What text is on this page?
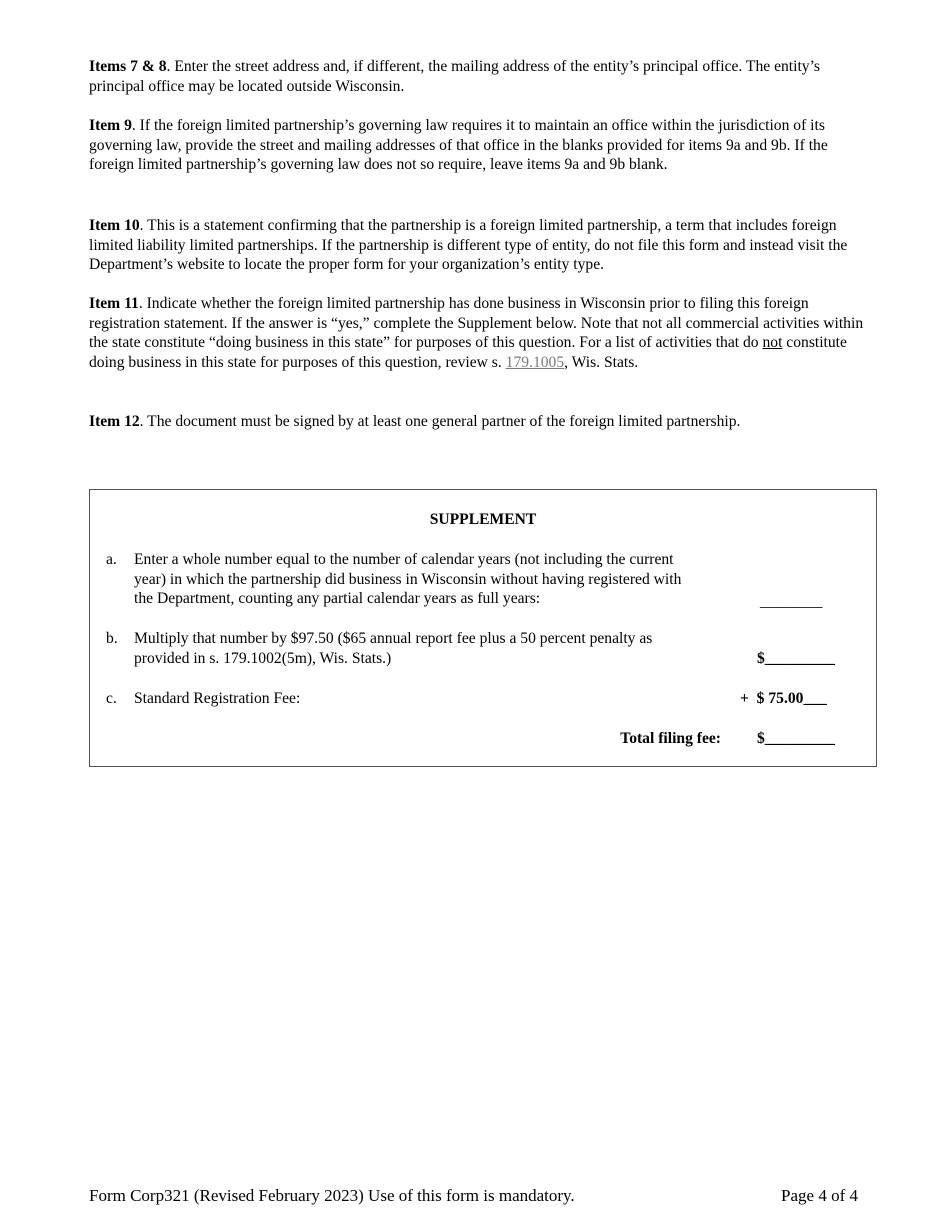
Items 7 & 8. Enter the street address and, if different, the mailing address of the entity’s principal office. The entity’s principal office may be located outside Wisconsin.

Item 9. If the foreign limited partnership’s governing law requires it to maintain an office within the jurisdiction of its governing law, provide the street and mailing addresses of that office in the blanks provided for items 9a and 9b. If the foreign limited partnership’s governing law does not so require, leave items 9a and 9b blank.

Item 10. This is a statement confirming that the partnership is a foreign limited partnership, a term that includes foreign limited liability limited partnerships. If the partnership is different type of entity, do not file this form and instead visit the Department’s website to locate the proper form for your organization’s entity type.

Item 11. Indicate whether the foreign limited partnership has done business in Wisconsin prior to filing this foreign registration statement. If the answer is “yes,” complete the Supplement below. Note that not all commercial activities within the state constitute “doing business in this state” for purposes of this question. For a list of activities that do not constitute doing business in this state for purposes of this question, review s. 179.1005, Wis. Stats.

Item 12. The document must be signed by at least one general partner of the foreign limited partnership.

SUPPLEMENT
a. Enter a whole number equal to the number of calendar years (not including the current year) in which the partnership did business in Wisconsin without having registered with the Department, counting any partial calendar years as full years:	________
b. Multiply that number by $97.50 ($65 annual report fee plus a 50 percent penalty as provided in s. 179.1002(5m), Wis. Stats.)	$_________
c. Standard Registration Fee:	+  $ 75.00___
Total filing fee: $_________
Form Corp321 (Revised February 2023) Use of this form is mandatory.	Page 4 of 4
